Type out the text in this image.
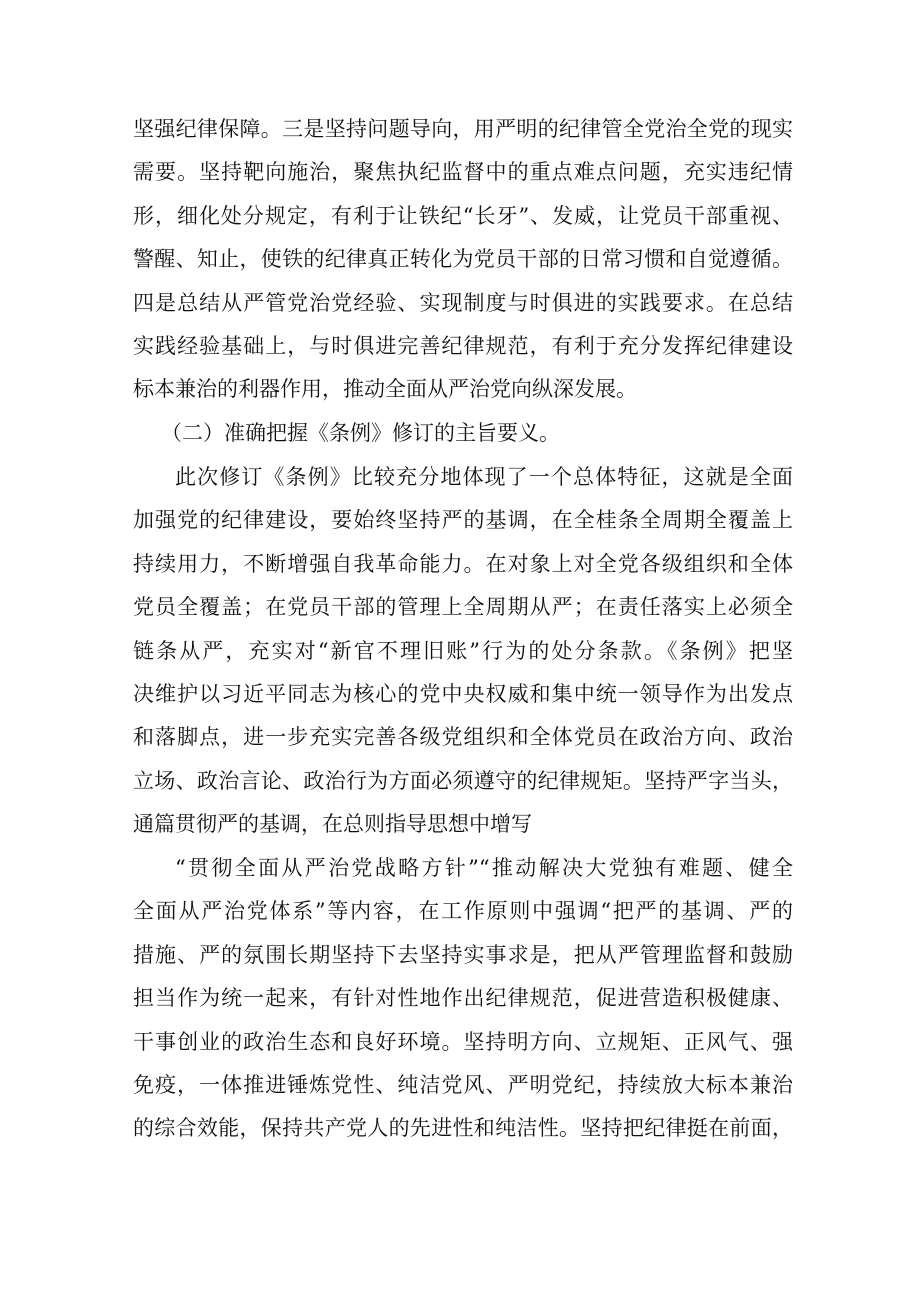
坚强纪律保障。三是坚持问题导向，用严明的纪律管全党治全党的现实
需要。坚持靶向施治，聚焦执纪监督中的重点难点问题，充实违纪情
形，细化处分规定，有利于让铁纪“长牙”、发威，让党员干部重视、
警醒、知止，使铁的纪律真正转化为党员干部的日常习惯和自觉遵循。
四是总结从严管党治党经验、实现制度与时俱进的实践要求。在总结
实践经验基础上，与时俱进完善纪律规范，有利于充分发挥纪律建设
标本兼治的利器作用，推动全面从严治党向纵深发展。
（二）准确把握《条例》修订的主旨要义。
此次修订《条例》比较充分地体现了一个总体特征，这就是全面
加强党的纪律建设，要始终坚持严的基调，在全桂条全周期全覆盖上
持续用力，不断增强自我革命能力。在对象上对全党各级组织和全体
党员全覆盖；在党员干部的管理上全周期从严；在责任落实上必须全
链条从严，充实对“新官不理旧账”行为的处分条款。《条例》把坚
决维护以习近平同志为核心的党中央权威和集中统一领导作为出发点
和落脚点，进一步充实完善各级党组织和全体党员在政治方向、政治
立场、政治言论、政治行为方面必须遵守的纪律规矩。坚持严字当头，
通篇贯彻严的基调，在总则指导思想中增写
“贯彻全面从严治党战略方针”“推动解决大党独有难题、健全
全面从严治党体系”等内容，在工作原则中强调“把严的基调、严的
措施、严的氛围长期坚持下去坚持实事求是，把从严管理监督和鼓励
担当作为统一起来，有针对性地作出纪律规范，促进营造积极健康、
干事创业的政治生态和良好环境。坚持明方向、立规矩、正风气、强
免疫，一体推进锤炼党性、纯洁党风、严明党纪，持续放大标本兼治
的综合效能，保持共产党人的先进性和纯洁性。坚持把纪律挺在前面，
